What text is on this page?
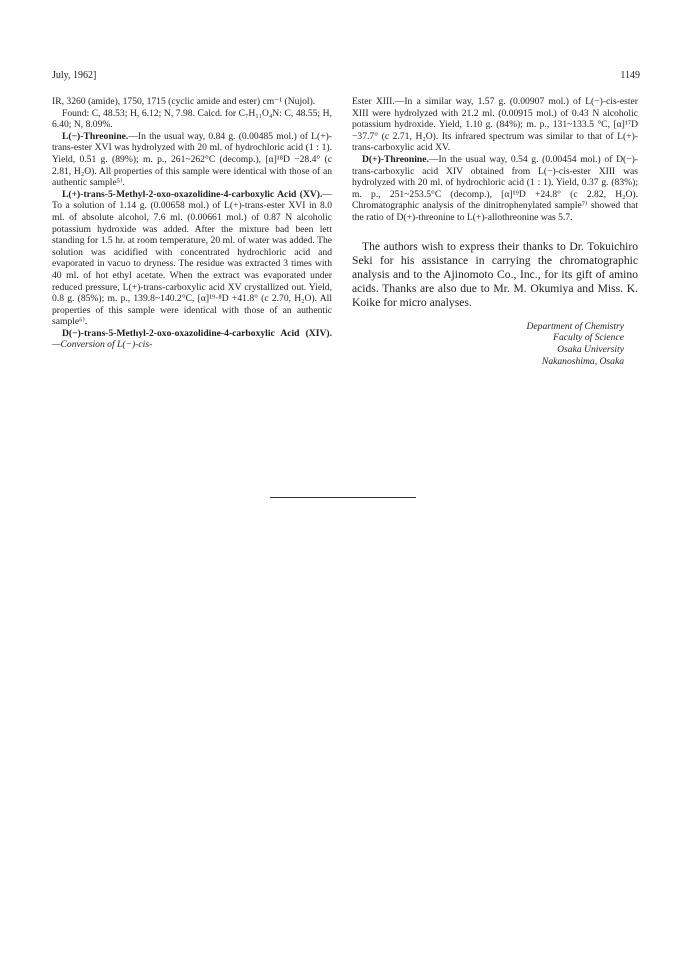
July, 1962]	1149

IR, 3260 (amide), 1750, 1715 (cyclic amide and ester) cm⁻¹ (Nujol).

Found: C, 48.53; H, 6.12; N, 7.98. Calcd. for C₇H₁₁O₄N: C, 48.55; H, 6.40; N, 8.09%.

L(−)-Threonine.—In the usual way, 0.84 g. (0.00485 mol.) of L(+)-trans-ester XVI was hydrolyzed with 20 ml. of hydrochloric acid (1 : 1). Yield, 0.51 g. (89%); m. p., 261~262°C (decomp.), [α]¹⁸D −28.4° (c 2.81, H₂O). All properties of this sample were identical with those of an authentic sample⁵⁾.

L(+)-trans-5-Methyl-2-oxo-oxazolidine-4-carboxylic Acid (XV).—To a solution of 1.14 g. (0.00658 mol.) of L(+)-trans-ester XVI in 8.0 ml. of absolute alcohol, 7.6 ml. (0.00661 mol.) of 0.87 N alcoholic potassium hydroxide was added. After the mixture bad been lett standing for 1.5 hr. at room temperature, 20 ml. of water was added. The solution was acidified with concentrated hydrochloric acid and evaporated in vacuo to dryness. The residue was extracted 3 times with 40 ml. of hot ethyl acetate. When the extract was evaporated under reduced pressure, L(+)-trans-carboxylic acid XV crystallized out. Yield, 0.8 g. (85%); m. p., 139.8~140.2°C, [α]¹⁹·⁸D +41.8° (c 2.70, H₂O). All properties of this sample were identical with those of an authentic sample⁶⁾.

D(−)-trans-5-Methyl-2-oxo-oxazolidine-4-carboxylic Acid (XIV).—Conversion of L(−)-cis-

Ester XIII.—In a similar way, 1.57 g. (0.00907 mol.) of L(−)-cis-ester XIII were hydrolyzed with 21.2 ml. (0.00915 mol.) of 0.43 N alcoholic potassium hydroxide. Yield, 1.10 g. (84%); m. p., 131~133.5 °C, [α]¹⁷D −37.7° (c 2.71, H₂O). Its infrared spectrum was similar to that of L(+)-trans-carboxylic acid XV.

D(+)-Threonine.—In the usual way, 0.54 g. (0.00454 mol.) of D(−)-trans-carboxylic acid XIV obtained from L(−)-cis-ester XIII was hydrolyzed with 20 ml. of hydrochloric acid (1 : 1). Yield, 0.37 g. (83%); m. p., 251~253.5°C (decomp.), [α]¹⁹D +24.8° (c 2.82, H₂O). Chromatographic analysis of the dinitrophenylated sample⁷⁾ showed that the ratio of D(+)-threonine to L(+)-allothreonine was 5.7.

The authors wish to express their thanks to Dr. Tokuichiro Seki for his assistance in carrying the chromatographic analysis and to the Ajinomoto Co., Inc., for its gift of amino acids. Thanks are also due to Mr. M. Okumiya and Miss. K. Koike for micro analyses.

Department of Chemistry
Faculty of Science
Osaka University
Nakanoshima, Osaka
